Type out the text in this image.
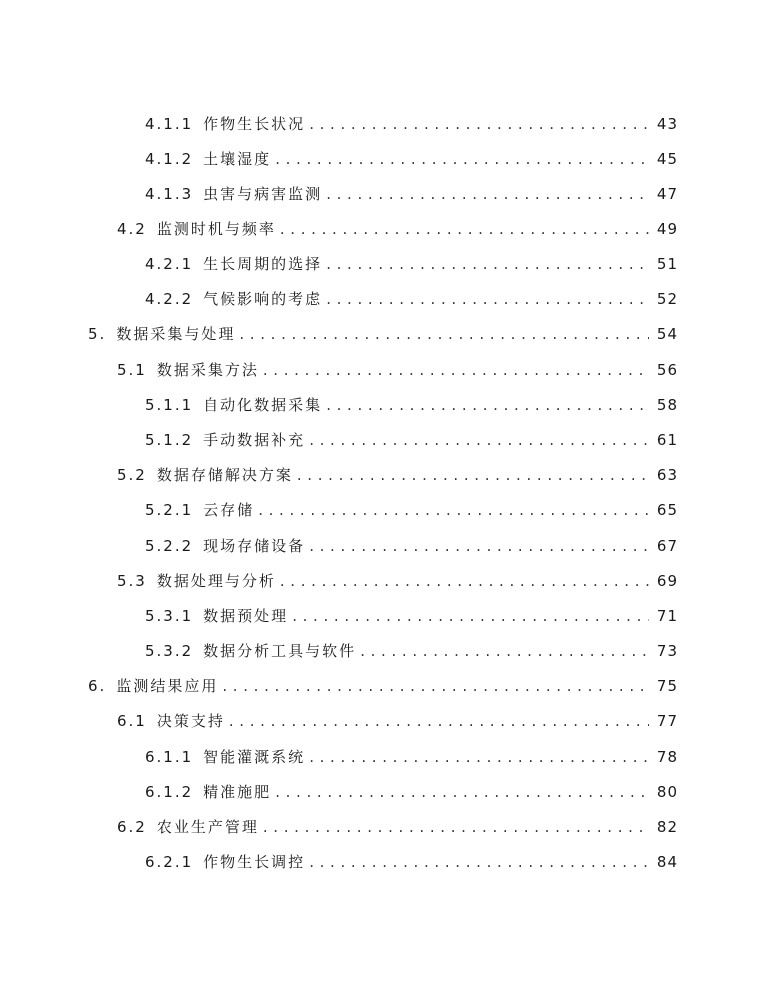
4.1.1 作物生长状况 . . .	43
4.1.2 土壤湿度 . . .	45
4.1.3 虫害与病害监测 . . .	47
4.2 监测时机与频率 . . .	49
4.2.1 生长周期的选择 . . .	51
4.2.2 气候影响的考虑 . . .	52
5. 数据采集与处理 . . .	54
5.1 数据采集方法 . . .	56
5.1.1 自动化数据采集 . . .	58
5.1.2 手动数据补充 . . .	61
5.2 数据存储解决方案 . . .	63
5.2.1 云存储 . . .	65
5.2.2 现场存储设备 . . .	67
5.3 数据处理与分析 . . .	69
5.3.1 数据预处理 . . .	71
5.3.2 数据分析工具与软件 . . .	73
6. 监测结果应用 . . .	75
6.1 决策支持 . . .	77
6.1.1 智能灌溉系统 . . .	78
6.1.2 精准施肥 . . .	80
6.2 农业生产管理 . . .	82
6.2.1 作物生长调控 . . .	84
